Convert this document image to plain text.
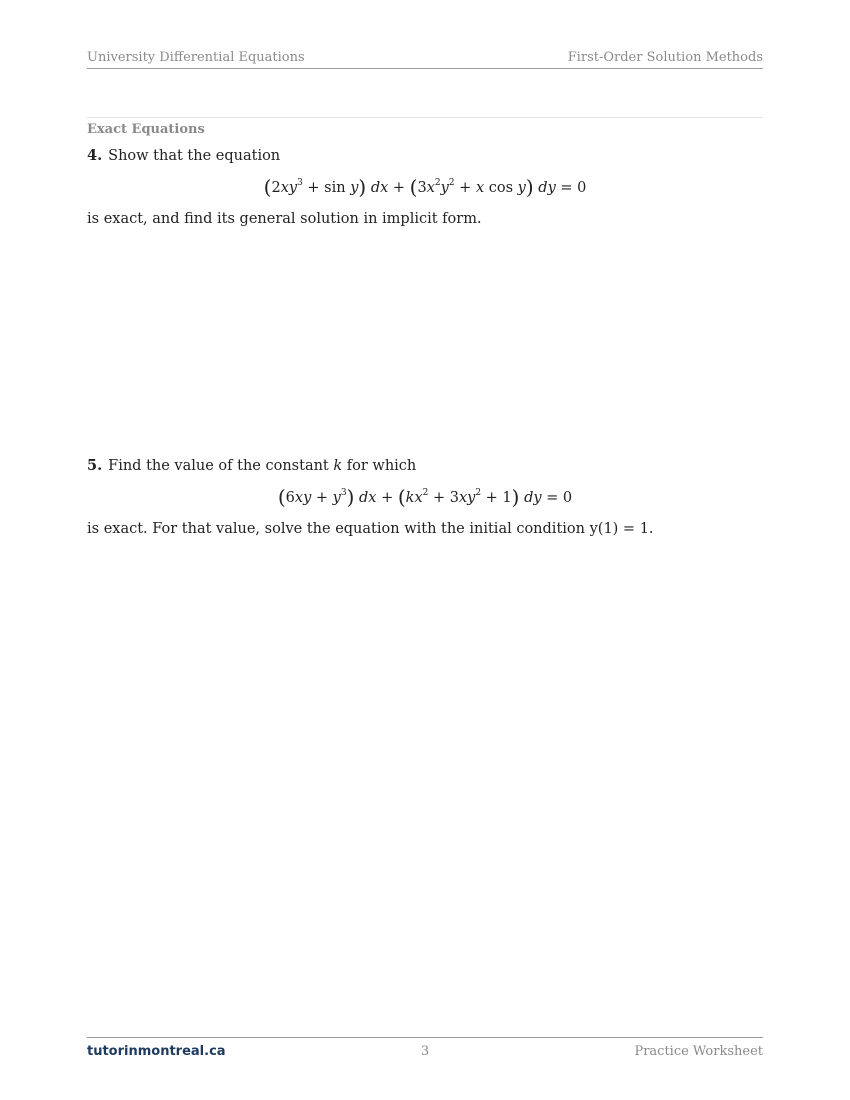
University Differential Equations	First-Order Solution Methods
Exact Equations
4. Show that the equation
$(2xy^3 + \sin y)$ dx + ($3x^2y^2 + x$ cos y) dy = 0
is exact, and find its general solution in implicit form.
5. Find the value of the constant k for which
$(6xy + y^3)$ dx + $(kx^2 + 3xy^2 + 1)$ dy = 0
is exact. For that value, solve the equation with the initial condition y(1) = 1.
tutorinmontreal.ca	3	Practice Worksheet
